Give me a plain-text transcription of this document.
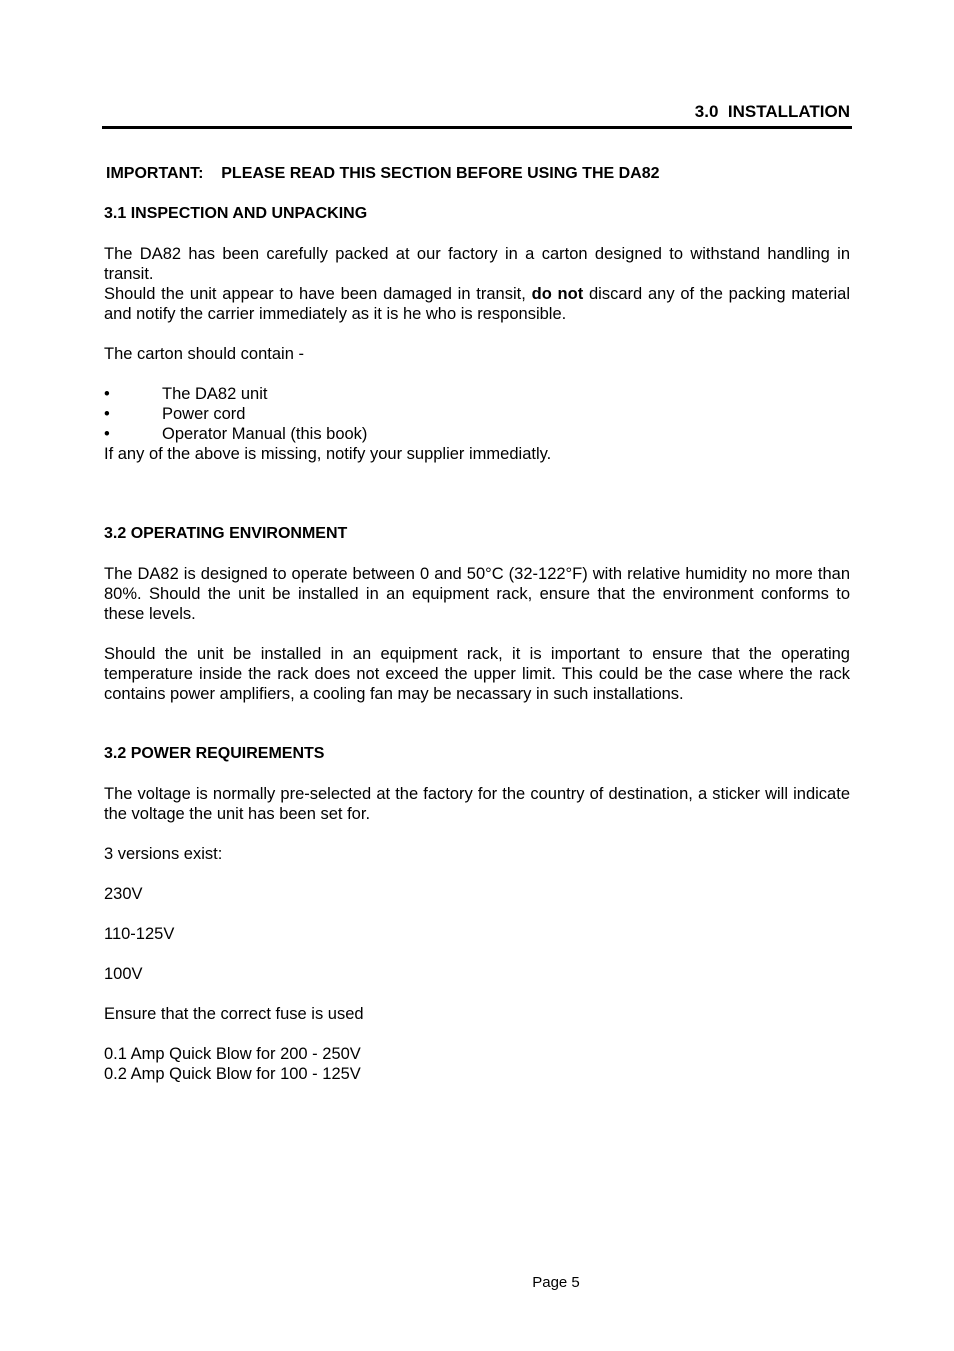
3.0  INSTALLATION
IMPORTANT:    PLEASE READ THIS SECTION BEFORE USING THE DA82
3.1 INSPECTION AND UNPACKING

The DA82 has been carefully packed at our factory in a carton designed to withstand handling in transit.

Should the unit appear to have been damaged in transit, do not discard any of the packing material and notify the carrier immediately as it is he who is responsible.

The carton should contain -

•	The DA82 unit
•	Power cord
•	Operator Manual (this book)

If any of the above is missing, notify your supplier immediatly.

3.2 OPERATING ENVIRONMENT

The DA82 is designed to operate between 0 and 50°C (32-122°F) with relative humidity no more than 80%. Should the unit be installed in an equipment rack, ensure that the environment conforms to these levels.

Should the unit be installed in an equipment rack, it is important to ensure that the operating temperature inside the rack does not exceed the upper limit. This could be the case where the rack contains power amplifiers, a cooling fan may be necassary in such installations.

3.2 POWER REQUIREMENTS

The voltage is normally pre-selected at the factory for the country of destination, a sticker will indicate the voltage the unit has been set for.

3 versions exist:

230V

110-125V

100V

Ensure that the correct fuse is used

0.1 Amp Quick Blow for 200 - 250V

0.2 Amp Quick Blow for 100 - 125V

Page 5
